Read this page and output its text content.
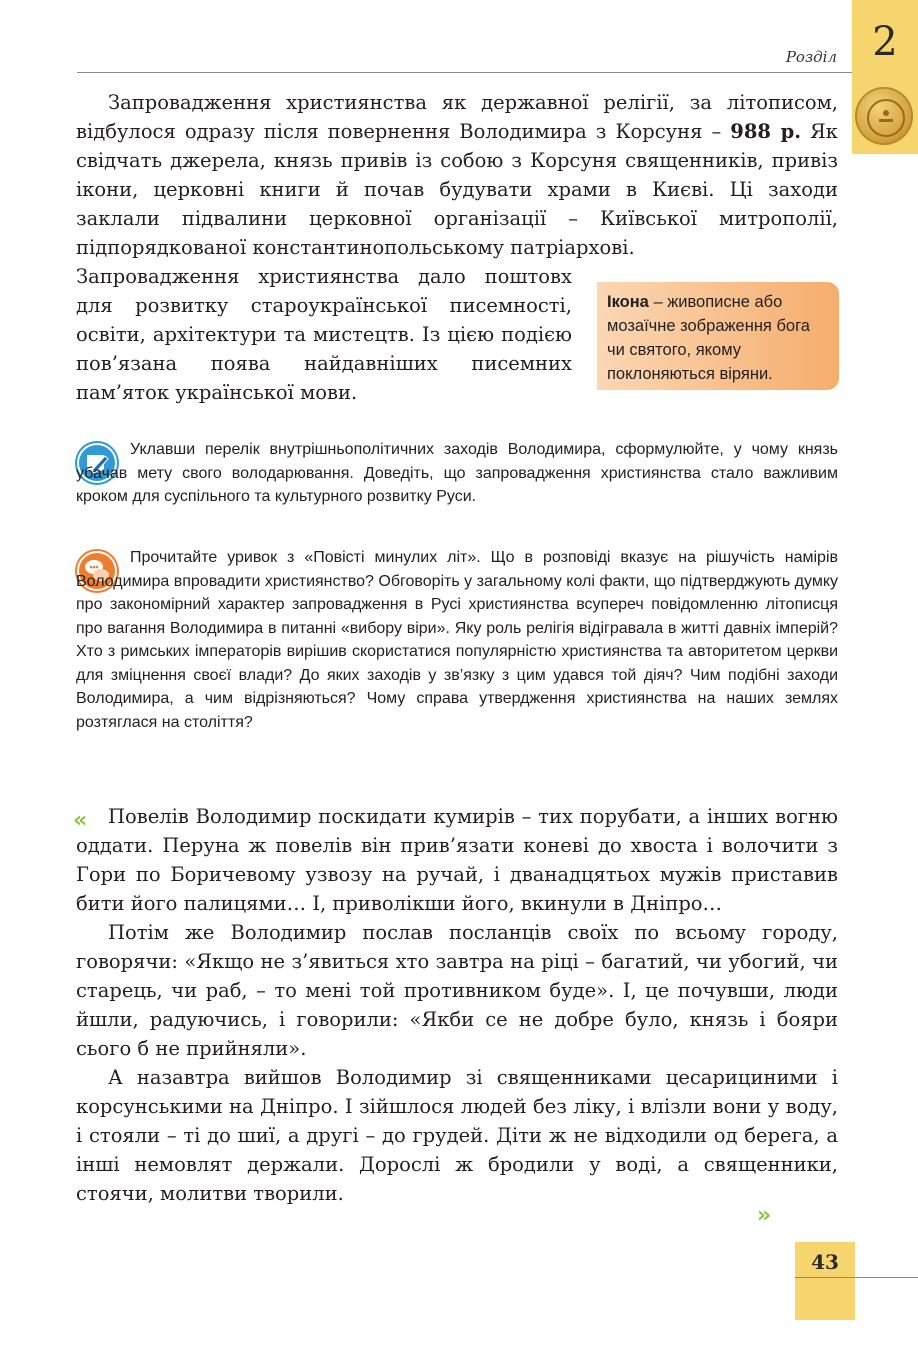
2
Розділ

Запровадження християнства як державної релігії, за літописом, відбулося одразу після повернення Володимира з Корсуня – 988 р. Як свідчать джерела, князь привів із собою з Корсуня священників, привіз ікони, церковні книги й почав будувати храми в Києві. Ці заходи заклали підвалини церковної організації – Київської митрополії, підпорядкованої константинопольському патріархові.

Запровадження християнства дало поштовх для розвитку староукраїнської писемності, освіти, архітектури та мистецтв. Із цією подією пов’язана поява найдавніших писемних пам’яток української мови.
Ікона – живописне або мозаїчне зображення бога чи святого, якому поклоняються віряни.

Уклавши перелік внутрішньополітичних заходів Володимира, сформулюйте, у чому князь убачав мету свого володарювання. Доведіть, що запровадження християнства стало важливим кроком для суспільного та культурного розвитку Руси.

Прочитайте уривок з «Повісті минулих літ». Що в розповіді вказує на рішучість намірів Володимира впровадити християнство? Обговоріть у загальному колі факти, що підтверджують думку про закономірний характер запровадження в Русі християнства всупереч повідомленню літописця про вагання Володимира в питанні «вибору віри». Яку роль релігія відігравала в житті давніх імперій? Хто з римських імператорів вирішив скористатися популярністю християнства та авторитетом церкви для зміцнення своєї влади? До яких заходів у зв’язку з цим удався той діяч? Чим подібні заходи Володимира, а чим відрізняються? Чому справа утвердження християнства на наших землях розтяглася на століття?

«	Повелів Володимир поскидати кумирів – тих порубати, а інших вогню оддати. Перуна ж повелів він прив’язати коневі до хвоста і волочити з Гори по Боричевому узвозу на ручай, і дванадцятьох мужів приставив бити його палицями… І, приволікши його, вкинули в Дніпро…

Потім же Володимир послав посланців своїх по всьому городу, говорячи: «Якщо не з’явиться хто завтра на ріці – багатий, чи убогий, чи старець, чи раб, – то мені той противником буде». І, це почувши, люди йшли, радуючись, і говорили: «Якби се не добре було, князь і бояри сього б не прийняли».

А назавтра вийшов Володимир зі священниками цесарициними і корсунськими на Дніпро. І зійшлося людей без ліку, і влізли вони у воду, і стояли – ті до шиї, а другі – до грудей. Діти ж не відходили од берега, а інші немовлят держали. Дорослі ж бродили у воді, а священники, стоячи, молитви творили.

»
43
